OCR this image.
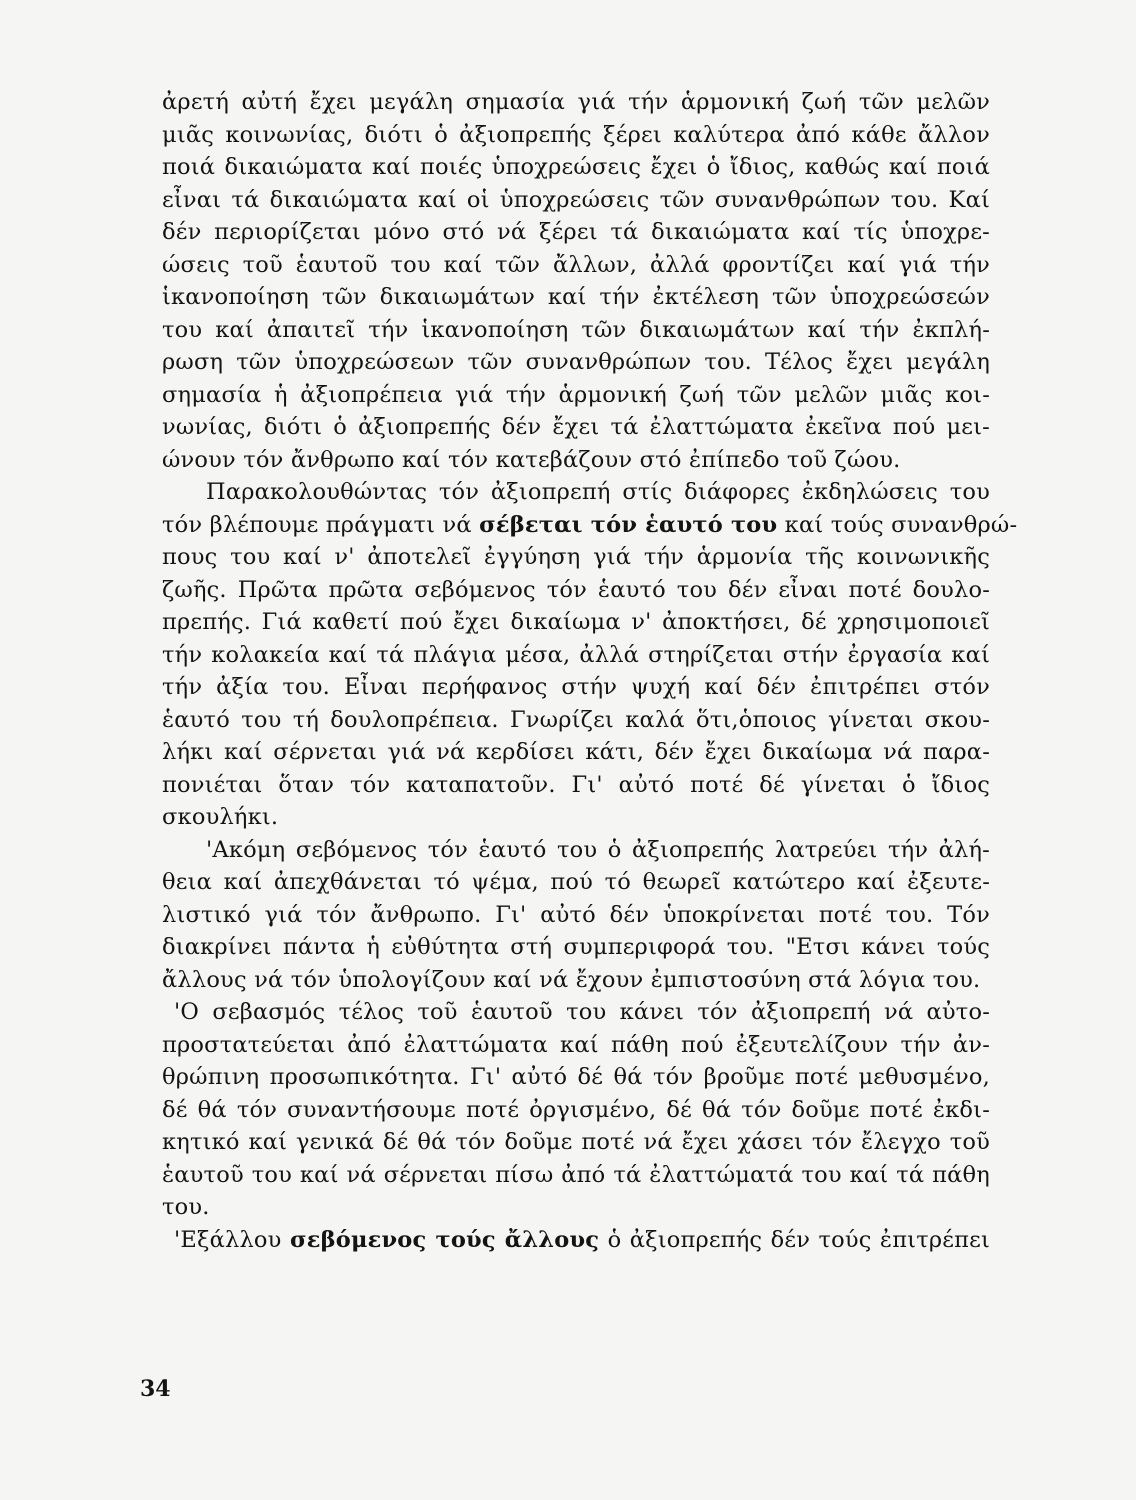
ἀρετή αὐτή ἔχει μεγάλη σημασία γιά τήν ἁρμονική ζωή τῶν μελῶν
μιᾶς κοινωνίας, διότι ὁ ἀξιοπρεπής ξέρει καλύτερα ἀπό κάθε ἄλλον
ποιά δικαιώματα καί ποιές ὑποχρεώσεις ἔχει ὁ ἴδιος, καθώς καί ποιά
εἶναι τά δικαιώματα καί οἱ ὑποχρεώσεις τῶν συνανθρώπων του. Καί
δέν περιορίζεται μόνο στό νά ξέρει τά δικαιώματα καί τίς ὑποχρε-
ώσεις τοῦ ἑαυτοῦ του καί τῶν ἄλλων, ἀλλά φροντίζει καί γιά τήν
ἱκανοποίηση τῶν δικαιωμάτων καί τήν ἐκτέλεση τῶν ὑποχρεώσεών
του καί ἀπαιτεῖ τήν ἱκανοποίηση τῶν δικαιωμάτων καί τήν ἐκπλή-
ρωση τῶν ὑποχρεώσεων τῶν συνανθρώπων του. Τέλος ἔχει μεγάλη
σημασία ἡ ἀξιοπρέπεια γιά τήν ἁρμονική ζωή τῶν μελῶν μιᾶς κοι-
νωνίας, διότι ὁ ἀξιοπρεπής δέν ἔχει τά ἐλαττώματα ἐκεῖνα πού μει-
ώνουν τόν ἄνθρωπο καί τόν κατεβάζουν στό ἐπίπεδο τοῦ ζώου.
Παρακολουθώντας τόν ἀξιοπρεπή στίς διάφορες ἐκδηλώσεις του
τόν βλέπουμε πράγματι νά σέβεται τόν ἑαυτό του καί τούς συνανθρώ-
πους του καί ν' ἀποτελεῖ ἐγγύηση γιά τήν ἁρμονία τῆς κοινωνικῆς
ζωῆς. Πρῶτα πρῶτα σεβόμενος τόν ἑαυτό του δέν εἶναι ποτέ δουλο-
πρεπής. Γιά καθετί πού ἔχει δικαίωμα ν' ἀποκτήσει, δέ χρησιμοποιεῖ
τήν κολακεία καί τά πλάγια μέσα, ἀλλά στηρίζεται στήν ἐργασία καί
τήν ἀξία του. Εἶναι περήφανος στήν ψυχή καί δέν ἐπιτρέπει στόν
ἑαυτό του τή δουλοπρέπεια. Γνωρίζει καλά ὅτι,ὁποιος γίνεται σκου-
λήκι καί σέρνεται γιά νά κερδίσει κάτι, δέν ἔχει δικαίωμα νά παρα-
πονιέται ὅταν τόν καταπατοῦν. Γι' αὐτό ποτέ δέ γίνεται ὁ ἴδιος
σκουλήκι.
'Ακόμη σεβόμενος τόν ἑαυτό του ὁ ἀξιοπρεπής λατρεύει τήν ἀλή-
θεια καί ἀπεχθάνεται τό ψέμα, πού τό θεωρεῖ κατώτερο καί ἐξευτε-
λιστικό γιά τόν ἄνθρωπο. Γι' αὐτό δέν ὑποκρίνεται ποτέ του. Τόν
διακρίνει πάντα ἡ εὐθύτητα στή συμπεριφορά του. "Ετσι κάνει τούς
ἄλλους νά τόν ὑπολογίζουν καί νά ἔχουν ἐμπιστοσύνη στά λόγια του.
'Ο σεβασμός τέλος τοῦ ἑαυτοῦ του κάνει τόν ἀξιοπρεπή νά αὐτο-
προστατεύεται ἀπό ἐλαττώματα καί πάθη πού ἐξευτελίζουν τήν ἀν-
θρώπινη προσωπικότητα. Γι' αὐτό δέ θά τόν βροῦμε ποτέ μεθυσμένο,
δέ θά τόν συναντήσουμε ποτέ ὀργισμένο, δέ θά τόν δοῦμε ποτέ ἐκδι-
κητικό καί γενικά δέ θά τόν δοῦμε ποτέ νά ἔχει χάσει τόν ἔλεγχο τοῦ
ἑαυτοῦ του καί νά σέρνεται πίσω ἀπό τά ἐλαττώματά του καί τά πάθη
του.
'Εξάλλου σεβόμενος τούς ἄλλους ὁ ἀξιοπρεπής δέν τούς ἐπιτρέπει
34
